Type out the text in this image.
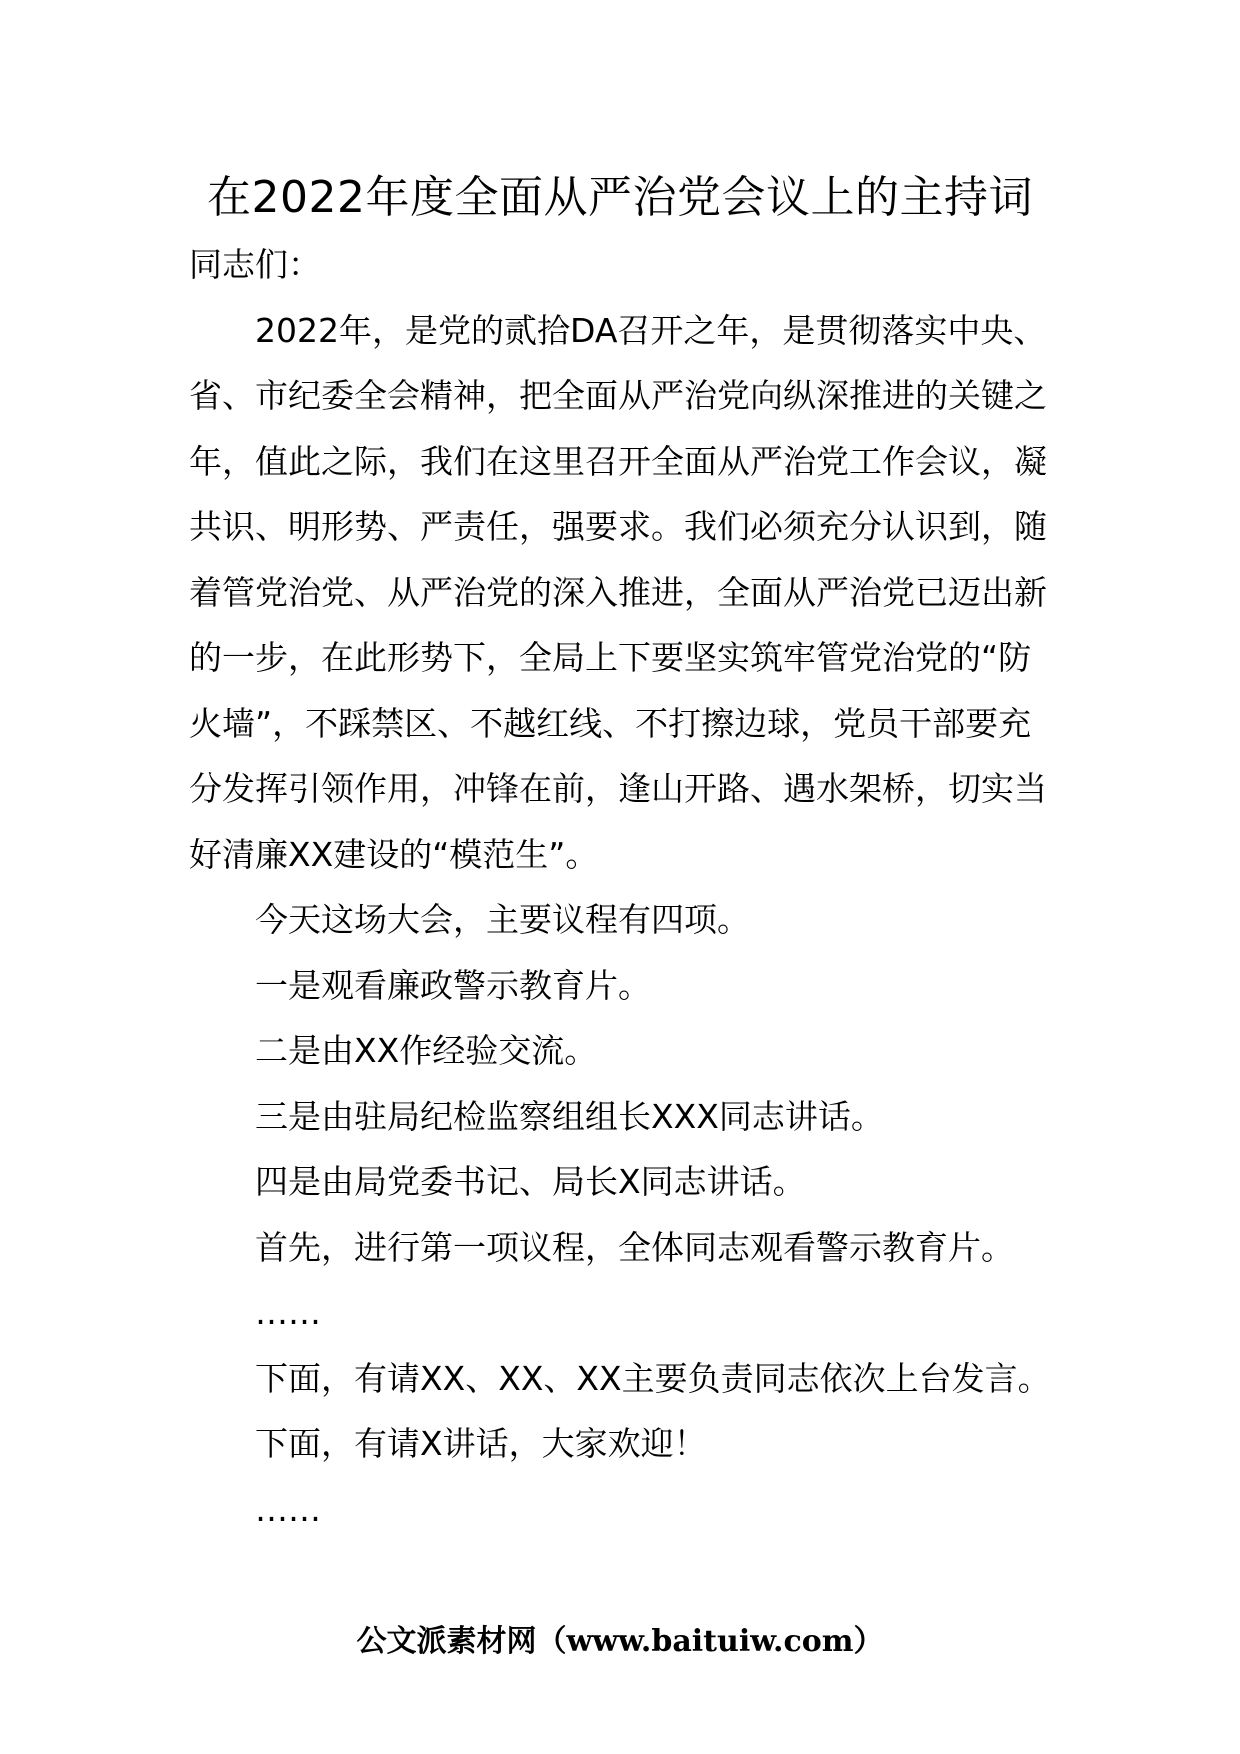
在2022年度全面从严治党会议上的主持词

同志们：

2022年，是党的贰拾DA召开之年，是贯彻落实中央、省、市纪委全会精神，把全面从严治党向纵深推进的关键之年，值此之际，我们在这里召开全面从严治党工作会议，凝共识、明形势、严责任，强要求。我们必须充分认识到，随着管党治党、从严治党的深入推进，全面从严治党已迈出新的一步，在此形势下，全局上下要坚实筑牢管党治党的“防火墙”，不踩禁区、不越红线、不打擦边球，党员干部要充分发挥引领作用，冲锋在前，逢山开路、遇水架桥，切实当好清廉XX建设的“模范生”。

今天这场大会，主要议程有四项。

一是观看廉政警示教育片。

二是由XX作经验交流。

三是由驻局纪检监察组组长XXX同志讲话。

四是由局党委书记、局长X同志讲话。

首先，进行第一项议程，全体同志观看警示教育片。

……

下面，有请XX、XX、XX主要负责同志依次上台发言。

下面，有请X讲话，大家欢迎！

……

公文派素材网（www.baituiw.com）
